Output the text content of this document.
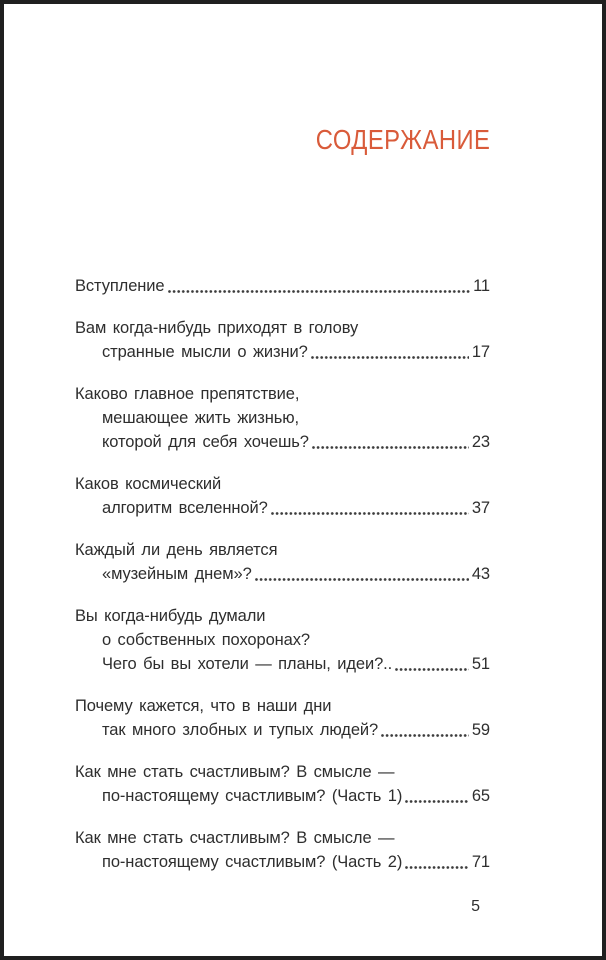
СОДЕРЖАНИЕ
Вступление	11
Вам когда-нибудь приходят в голову
странные мысли о жизни?	17
Каково главное препятствие,
мешающее жить жизнью,
которой для себя хочешь?	23
Каков космический
алгоритм вселенной?	37
Каждый ли день является
«музейным днем»?	43
Вы когда-нибудь думали
о собственных похоронах?
Чего бы вы хотели — планы, идеи?..	51
Почему кажется, что в наши дни
так много злобных и тупых людей?	59
Как мне стать счастливым? В смысле —
по-настоящему счастливым? (Часть 1)	65
Как мне стать счастливым? В смысле —
по-настоящему счастливым? (Часть 2)	71
5
